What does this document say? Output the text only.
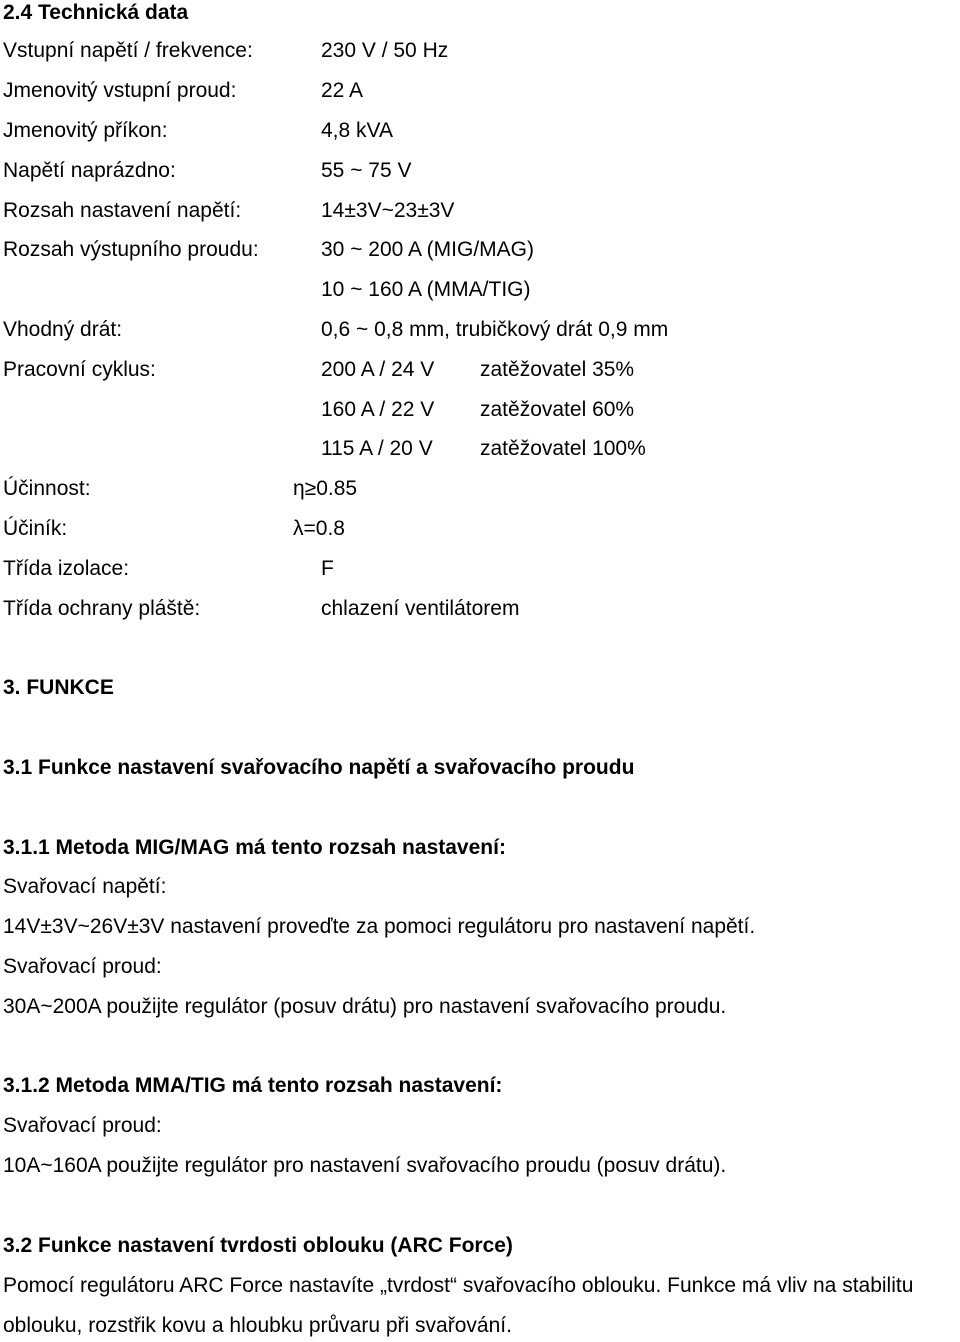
2.4 Technická data
Vstupní napětí / frekvence:	230 V / 50 Hz
Jmenovitý vstupní proud:	22 A
Jmenovitý příkon:	4,8 kVA
Napětí naprázdno:	55 ~ 75 V
Rozsah nastavení napětí:	14±3V~23±3V
Rozsah výstupního proudu:	30 ~ 200 A (MIG/MAG)
10 ~ 160 A (MMA/TIG)
Vhodný drát:	0,6 ~ 0,8 mm, trubičkový drát 0,9 mm
Pracovní cyklus:	200 A / 24 V zatěžovatel 35%
160 A / 22 V zatěžovatel 60%
115 A / 20 V zatěžovatel 100%
Účinnost:	η≥0.85
Účiník:	λ=0.8
Třída izolace:	F
Třída ochrany pláště:	chlazení ventilátorem
3. FUNKCE
3.1 Funkce nastavení svařovacího napětí a svařovacího proudu
3.1.1 Metoda MIG/MAG má tento rozsah nastavení:
Svařovací napětí:
14V±3V~26V±3V nastavení proveďte za pomoci regulátoru pro nastavení napětí.
Svařovací proud:
30A~200A použijte regulátor (posuv drátu) pro nastavení svařovacího proudu.
3.1.2 Metoda MMA/TIG má tento rozsah nastavení:
Svařovací proud:
10A~160A použijte regulátor pro nastavení svařovacího proudu (posuv drátu).
3.2 Funkce nastavení tvrdosti oblouku (ARC Force)
Pomocí regulátoru ARC Force nastavíte „tvrdost“ svařovacího oblouku. Funkce má vliv na stabilitu
oblouku, rozstřik kovu a hloubku průvaru při svařování.
